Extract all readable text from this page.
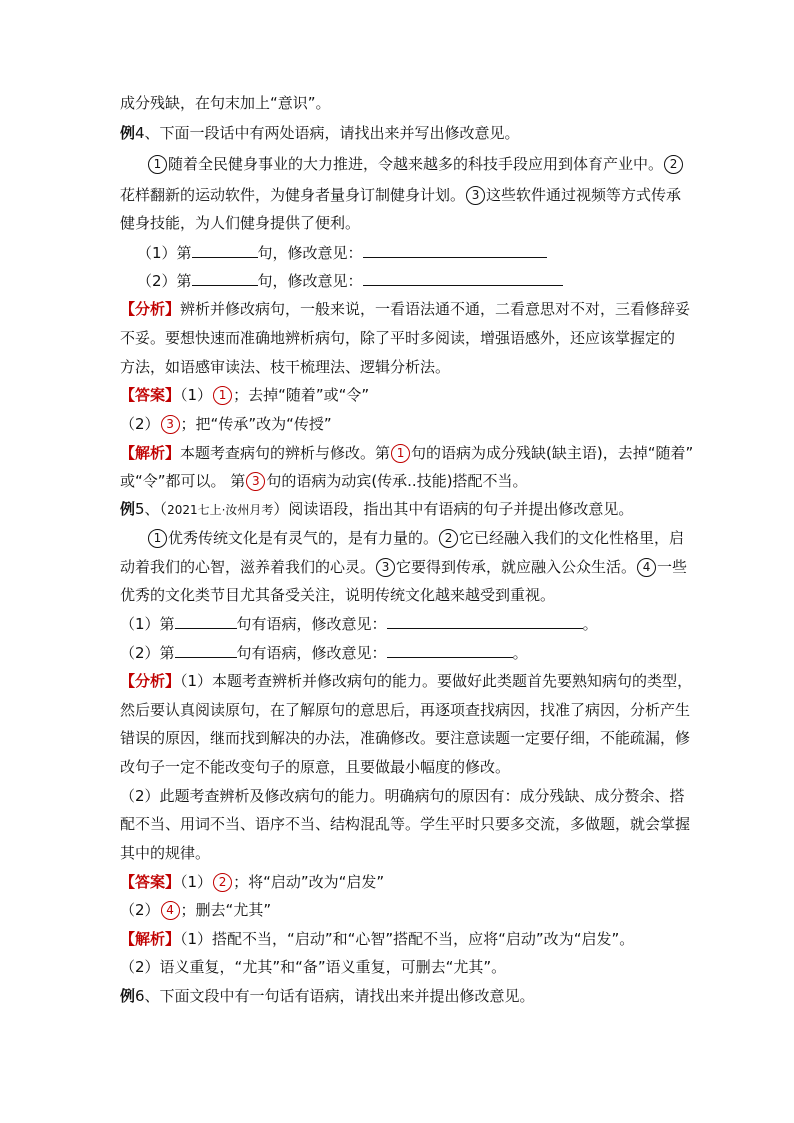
成分残缺，在句末加上“意识”。
例4、下面一段话中有两处语病，请找出来并写出修改意见。
1 随着全民健身事业的大力推进，令越来越多的科技手段应用到体育产业中。 2
花样翻新的运动软件，为健身者量身订制健身计划。 3 这些软件通过视频等方式传承
健身技能，为人们健身提供了便利。
（1）第	句，修改意见：
（2）第	句，修改意见：
【分析】辨析并修改病句，一般来说，一看语法通不通，二看意思对不对，三看修辞妥
不妥。要想快速而准确地辨析病句，除了平时多阅读，增强语感外，还应该掌握定的
方法，如语感审读法、枝干梳理法、逻辑分析法。
【答案】（1） 1 ；去掉“随着”或“令”
（2） 3 ；把“传承”改为“传授”
【解析】本题考查病句的辨析与修改。第 1 句的语病为成分残缺(缺主语)，去掉“随着”
或“令”都可以。 第 3 句的语病为动宾(传承..技能)搭配不当。
例5、（2021七上·汝州月考）阅读语段，指出其中有语病的句子并提出修改意见。
1 优秀传统文化是有灵气的，是有力量的。 2 它已经融入我们的文化性格里，启
动着我们的心智，滋养着我们的心灵。 3 它要得到传承，就应融入公众生活。 4 一些
优秀的文化类节目尤其备受关注，说明传统文化越来越受到重视。
（1）第	句有语病，修改意见：	。
（2）第	句有语病，修改意见：	。
【分析】（1）本题考查辨析并修改病句的能力。要做好此类题首先要熟知病句的类型，
然后要认真阅读原句，在了解原句的意思后，再逐项查找病因，找准了病因，分析产生
错误的原因，继而找到解决的办法，准确修改。要注意读题一定要仔细，不能疏漏，修
改句子一定不能改变句子的原意，且要做最小幅度的修改。
（2）此题考查辨析及修改病句的能力。明确病句的原因有：成分残缺、成分赘余、搭
配不当、用词不当、语序不当、结构混乱等。学生平时只要多交流，多做题，就会掌握
其中的规律。
【答案】（1） 2 ；将“启动”改为“启发”
（2） 4 ；删去“尤其”
【解析】（1）搭配不当，“启动”和“心智”搭配不当，应将“启动”改为“启发”。
（2）语义重复，“尤其”和“备”语义重复，可删去“尤其”。
例6、下面文段中有一句话有语病，请找出来并提出修改意见。
